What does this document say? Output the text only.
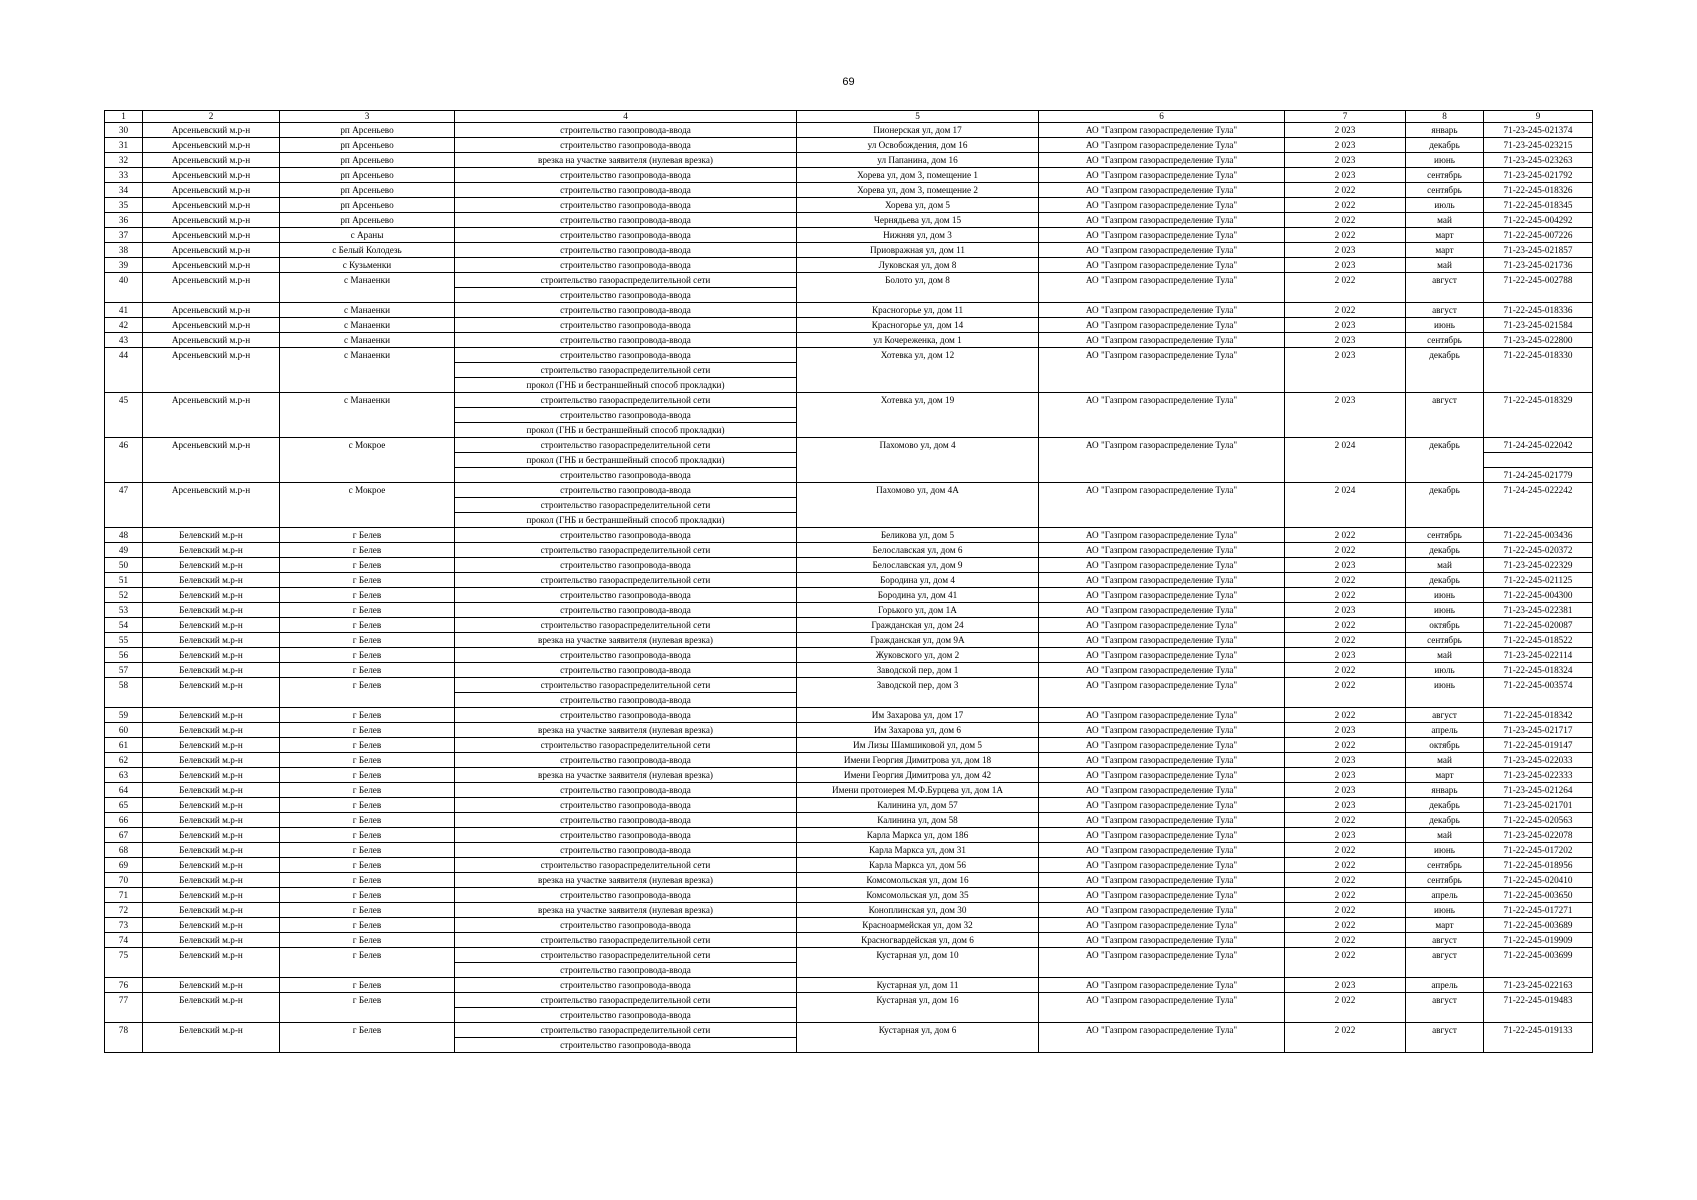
69
1	2	3	4	5	6	7	8	9
30	Арсеньевский м.р-н	рп Арсеньево	строительство газопровода-ввода	Пионерская ул, дом 17	АО "Газпром газораспределение Тула"	2 023	январь	71-23-245-021374
31	Арсеньевский м.р-н	рп Арсеньево	строительство газопровода-ввода	ул Освобождения, дом 16	АО "Газпром газораспределение Тула"	2 023	декабрь	71-23-245-023215
32	Арсеньевский м.р-н	рп Арсеньево	врезка на участке заявителя (нулевая врезка)	ул Папанина, дом 16	АО "Газпром газораспределение Тула"	2 023	июнь	71-23-245-023263
33	Арсеньевский м.р-н	рп Арсеньево	строительство газопровода-ввода	Хорева ул, дом 3, помещение 1	АО "Газпром газораспределение Тула"	2 023	сентябрь	71-23-245-021792
34	Арсеньевский м.р-н	рп Арсеньево	строительство газопровода-ввода	Хорева ул, дом 3, помещение 2	АО "Газпром газораспределение Тула"	2 022	сентябрь	71-22-245-018326
35	Арсеньевский м.р-н	рп Арсеньево	строительство газопровода-ввода	Хорева ул, дом 5	АО "Газпром газораспределение Тула"	2 022	июль	71-22-245-018345
36	Арсеньевский м.р-н	рп Арсеньево	строительство газопровода-ввода	Чернядьева ул, дом 15	АО "Газпром газораспределение Тула"	2 022	май	71-22-245-004292
37	Арсеньевский м.р-н	с Араны	строительство газопровода-ввода	Нижняя ул, дом 3	АО "Газпром газораспределение Тула"	2 022	март	71-22-245-007226
38	Арсеньевский м.р-н	с Белый Колодезь	строительство газопровода-ввода	Приовражная ул, дом 11	АО "Газпром газораспределение Тула"	2 023	март	71-23-245-021857
39	Арсеньевский м.р-н	с Кузьменки	строительство газопровода-ввода	Луковская ул, дом 8	АО "Газпром газораспределение Тула"	2 023	май	71-23-245-021736
40	Арсеньевский м.р-н	с Манаенки	строительство газораспределительной сети	Болото ул, дом 8	АО "Газпром газораспределение Тула"	2 022	август	71-22-245-002788
			строительство газопровода-ввода					
41	Арсеньевский м.р-н	с Манаенки	строительство газопровода-ввода	Красногорье ул, дом 11	АО "Газпром газораспределение Тула"	2 022	август	71-22-245-018336
42	Арсеньевский м.р-н	с Манаенки	строительство газопровода-ввода	Красногорье ул, дом 14	АО "Газпром газораспределение Тула"	2 023	июнь	71-23-245-021584
43	Арсеньевский м.р-н	с Манаенки	строительство газопровода-ввода	ул Кочереженка, дом 1	АО "Газпром газораспределение Тула"	2 023	сентябрь	71-23-245-022800
44	Арсеньевский м.р-н	с Манаенки	строительство газопровода-ввода	Хотевка ул, дом 12	АО "Газпром газораспределение Тула"	2 023	декабрь	71-22-245-018330
			строительство газораспределительной сети					
			прокол (ГНБ и бестраншейный способ прокладки)					
45	Арсеньевский м.р-н	с Манаенки	строительство газораспределительной сети	Хотевка ул, дом 19	АО "Газпром газораспределение Тула"	2 023	август	71-22-245-018329
			строительство газопровода-ввода					
			прокол (ГНБ и бестраншейный способ прокладки)					
46	Арсеньевский м.р-н	с Мокрое	строительство газораспределительной сети	Пахомово ул, дом 4	АО "Газпром газораспределение Тула"	2 024	декабрь	71-24-245-022042
			прокол (ГНБ и бестраншейный способ прокладки)					
			строительство газопровода-ввода					71-24-245-021779
47	Арсеньевский м.р-н	с Мокрое	строительство газопровода-ввода	Пахомово ул, дом 4А	АО "Газпром газораспределение Тула"	2 024	декабрь	71-24-245-022242
			строительство газораспределительной сети					
			прокол (ГНБ и бестраншейный способ прокладки)					
48	Белевский м.р-н	г Белев	строительство газопровода-ввода	Беликова ул, дом 5	АО "Газпром газораспределение Тула"	2 022	сентябрь	71-22-245-003436
49	Белевский м.р-н	г Белев	строительство газораспределительной сети	Белославская ул, дом 6	АО "Газпром газораспределение Тула"	2 022	декабрь	71-22-245-020372
50	Белевский м.р-н	г Белев	строительство газопровода-ввода	Белославская ул, дом 9	АО "Газпром газораспределение Тула"	2 023	май	71-23-245-022329
51	Белевский м.р-н	г Белев	строительство газораспределительной сети	Бородина ул, дом 4	АО "Газпром газораспределение Тула"	2 022	декабрь	71-22-245-021125
52	Белевский м.р-н	г Белев	строительство газопровода-ввода	Бородина ул, дом 41	АО "Газпром газораспределение Тула"	2 022	июнь	71-22-245-004300
53	Белевский м.р-н	г Белев	строительство газопровода-ввода	Горького ул, дом 1А	АО "Газпром газораспределение Тула"	2 023	июнь	71-23-245-022381
54	Белевский м.р-н	г Белев	строительство газораспределительной сети	Гражданская ул, дом 24	АО "Газпром газораспределение Тула"	2 022	октябрь	71-22-245-020087
55	Белевский м.р-н	г Белев	врезка на участке заявителя (нулевая врезка)	Гражданская ул, дом 9А	АО "Газпром газораспределение Тула"	2 022	сентябрь	71-22-245-018522
56	Белевский м.р-н	г Белев	строительство газопровода-ввода	Жуковского ул, дом 2	АО "Газпром газораспределение Тула"	2 023	май	71-23-245-022114
57	Белевский м.р-н	г Белев	строительство газопровода-ввода	Заводской пер, дом 1	АО "Газпром газораспределение Тула"	2 022	июль	71-22-245-018324
58	Белевский м.р-н	г Белев	строительство газораспределительной сети	Заводской пер, дом 3	АО "Газпром газораспределение Тула"	2 022	июнь	71-22-245-003574
			строительство газопровода-ввода					
59	Белевский м.р-н	г Белев	строительство газопровода-ввода	Им Захарова ул, дом 17	АО "Газпром газораспределение Тула"	2 022	август	71-22-245-018342
60	Белевский м.р-н	г Белев	врезка на участке заявителя (нулевая врезка)	Им Захарова ул, дом 6	АО "Газпром газораспределение Тула"	2 023	апрель	71-23-245-021717
61	Белевский м.р-н	г Белев	строительство газораспределительной сети	Им Лизы Шамшиковой ул, дом 5	АО "Газпром газораспределение Тула"	2 022	октябрь	71-22-245-019147
62	Белевский м.р-н	г Белев	строительство газопровода-ввода	Имени Георгия Димитрова ул, дом 18	АО "Газпром газораспределение Тула"	2 023	май	71-23-245-022033
63	Белевский м.р-н	г Белев	врезка на участке заявителя (нулевая врезка)	Имени Георгия Димитрова ул, дом 42	АО "Газпром газораспределение Тула"	2 023	март	71-23-245-022333
64	Белевский м.р-н	г Белев	строительство газопровода-ввода	Имени протоиерея М.Ф.Бурцева ул, дом 1А	АО "Газпром газораспределение Тула"	2 023	январь	71-23-245-021264
65	Белевский м.р-н	г Белев	строительство газопровода-ввода	Калинина ул, дом 57	АО "Газпром газораспределение Тула"	2 023	декабрь	71-23-245-021701
66	Белевский м.р-н	г Белев	строительство газопровода-ввода	Калинина ул, дом 58	АО "Газпром газораспределение Тула"	2 022	декабрь	71-22-245-020563
67	Белевский м.р-н	г Белев	строительство газопровода-ввода	Карла Маркса ул, дом 186	АО "Газпром газораспределение Тула"	2 023	май	71-23-245-022078
68	Белевский м.р-н	г Белев	строительство газопровода-ввода	Карла Маркса ул, дом 31	АО "Газпром газораспределение Тула"	2 022	июнь	71-22-245-017202
69	Белевский м.р-н	г Белев	строительство газораспределительной сети	Карла Маркса ул, дом 56	АО "Газпром газораспределение Тула"	2 022	сентябрь	71-22-245-018956
70	Белевский м.р-н	г Белев	врезка на участке заявителя (нулевая врезка)	Комсомольская ул, дом 16	АО "Газпром газораспределение Тула"	2 022	сентябрь	71-22-245-020410
71	Белевский м.р-н	г Белев	строительство газопровода-ввода	Комсомольская ул, дом 35	АО "Газпром газораспределение Тула"	2 022	апрель	71-22-245-003650
72	Белевский м.р-н	г Белев	врезка на участке заявителя (нулевая врезка)	Коноплинская ул, дом 30	АО "Газпром газораспределение Тула"	2 022	июнь	71-22-245-017271
73	Белевский м.р-н	г Белев	строительство газопровода-ввода	Красноармейская ул, дом 32	АО "Газпром газораспределение Тула"	2 022	март	71-22-245-003689
74	Белевский м.р-н	г Белев	строительство газораспределительной сети	Красногвардейская ул, дом 6	АО "Газпром газораспределение Тула"	2 022	август	71-22-245-019909
75	Белевский м.р-н	г Белев	строительство газораспределительной сети	Кустарная ул, дом 10	АО "Газпром газораспределение Тула"	2 022	август	71-22-245-003699
			строительство газопровода-ввода					
76	Белевский м.р-н	г Белев	строительство газопровода-ввода	Кустарная ул, дом 11	АО "Газпром газораспределение Тула"	2 023	апрель	71-23-245-022163
77	Белевский м.р-н	г Белев	строительство газораспределительной сети	Кустарная ул, дом 16	АО "Газпром газораспределение Тула"	2 022	август	71-22-245-019483
			строительство газопровода-ввода					
78	Белевский м.р-н	г Белев	строительство газораспределительной сети	Кустарная ул, дом 6	АО "Газпром газораспределение Тула"	2 022	август	71-22-245-019133
			строительство газопровода-ввода					
